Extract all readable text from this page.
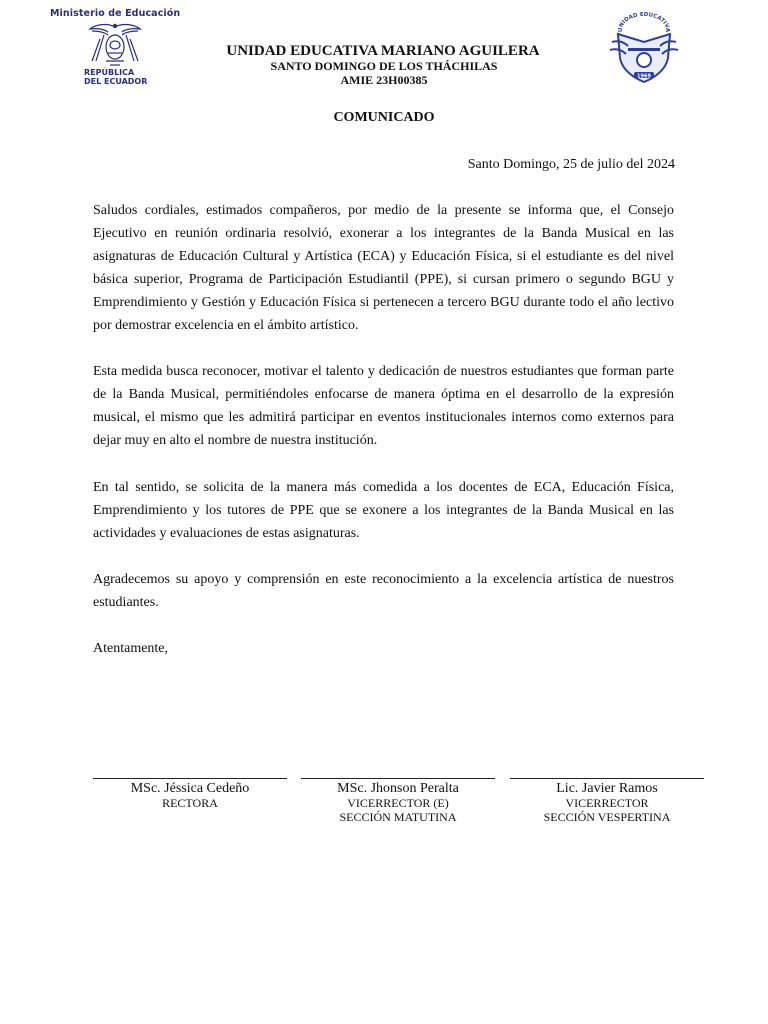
Ministerio de Educación
REPÚBLICA
DEL ECUADOR
UNIDAD EDUCATIVA
1969
UNIDAD EDUCATIVA MARIANO AGUILERA
SANTO DOMINGO DE LOS THÁCHILAS
AMIE 23H00385
COMUNICADO
Santo Domingo, 25 de julio del 2024
Saludos cordiales, estimados compañeros, por medio de la presente se informa que, el Consejo Ejecutivo en reunión ordinaria resolvió, exonerar a los integrantes de la Banda Musical en las asignaturas de Educación Cultural y Artística (ECA) y Educación Física, si el estudiante es del nivel básica superior, Programa de Participación Estudiantil (PPE), si cursan primero o segundo BGU y Emprendimiento y Gestión y Educación Física si pertenecen a tercero BGU durante todo el año lectivo por demostrar excelencia en el ámbito artístico.
Esta medida busca reconocer, motivar el talento y dedicación de nuestros estudiantes que forman parte de la Banda Musical, permitiéndoles enfocarse de manera óptima en el desarrollo de la expresión musical, el mismo que les admitirá participar en eventos institucionales internos como externos para dejar muy en alto el nombre de nuestra institución.
En tal sentido, se solicita de la manera más comedida a los docentes de ECA, Educación Física, Emprendimiento y los tutores de PPE que se exonere a los integrantes de la Banda Musical en las actividades y evaluaciones de estas asignaturas.
Agradecemos su apoyo y comprensión en este reconocimiento a la excelencia artística de nuestros estudiantes.
Atentamente,
MSc. Jéssica Cedeño
RECTORA
MSc. Jhonson Peralta
VICERRECTOR (E)
SECCIÓN MATUTINA
Lic. Javier Ramos
VICERRECTOR
SECCIÓN VESPERTINA
